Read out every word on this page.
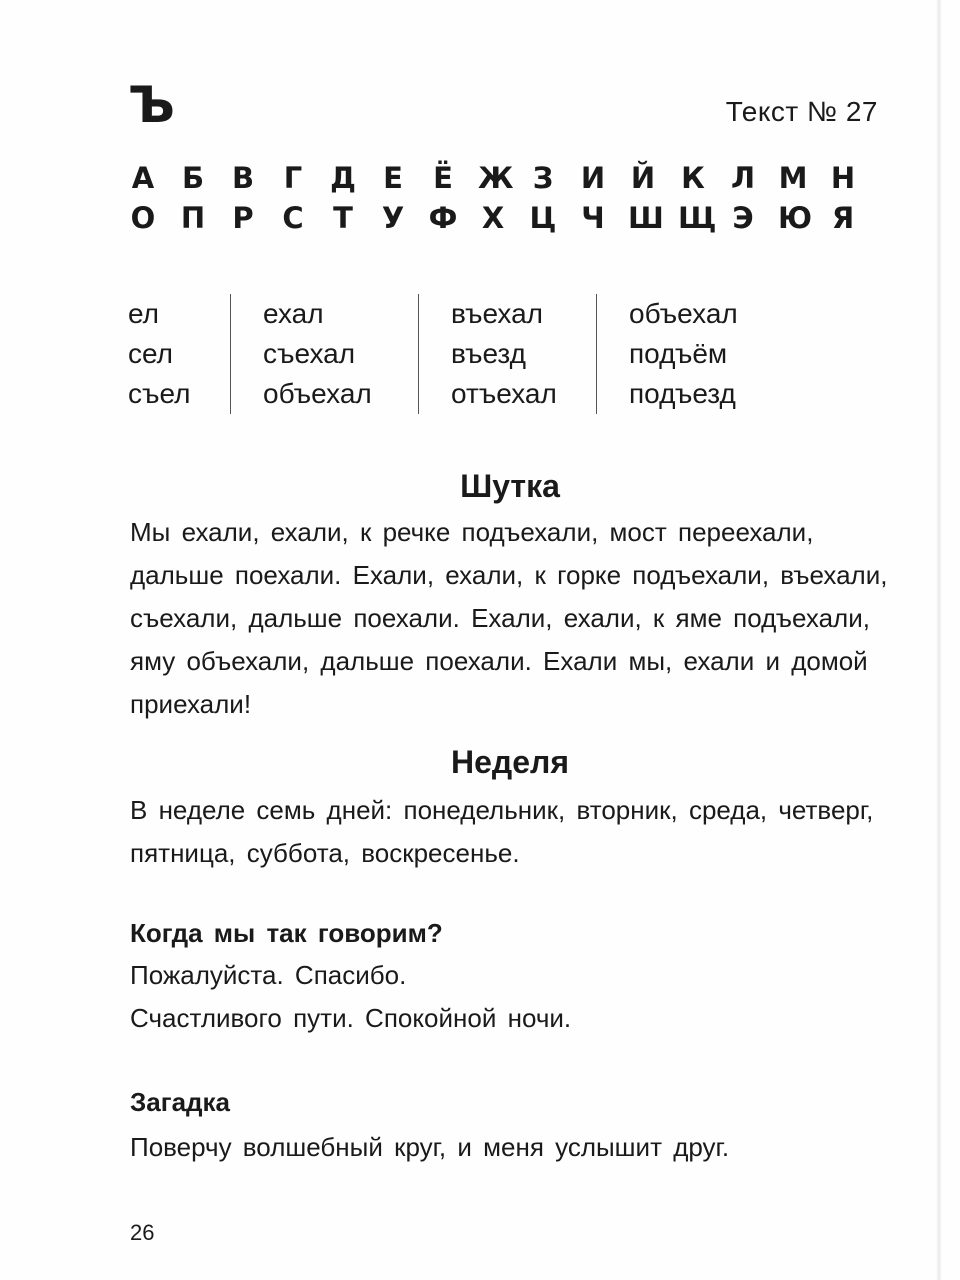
Ъ	Текст № 27
А Б В Г Д Е Ё Ж З И Й К Л М Н
О П Р С Т У Ф Х Ц Ч Ш Щ Э Ю Я
ел
сел
съел
ехал
съехал
объехал
въехал
въезд
отъехал
объехал
подъём
подъезд
Шутка
Мы ехали, ехали, к речке подъехали, мост переехали, дальше поехали. Ехали, ехали, к горке подъехали, въехали, съехали, дальше поехали. Ехали, ехали, к яме подъехали, яму объехали, дальше поехали. Ехали мы, ехали и домой приехали!
Неделя
В неделе семь дней: понедельник, вторник, среда, четверг, пятница, суббота, воскресенье.
Когда мы так говорим?
Пожалуйста. Спасибо.
Счастливого пути. Спокойной ночи.
Загадка
Поверчу волшебный круг, и меня услышит друг.
26
